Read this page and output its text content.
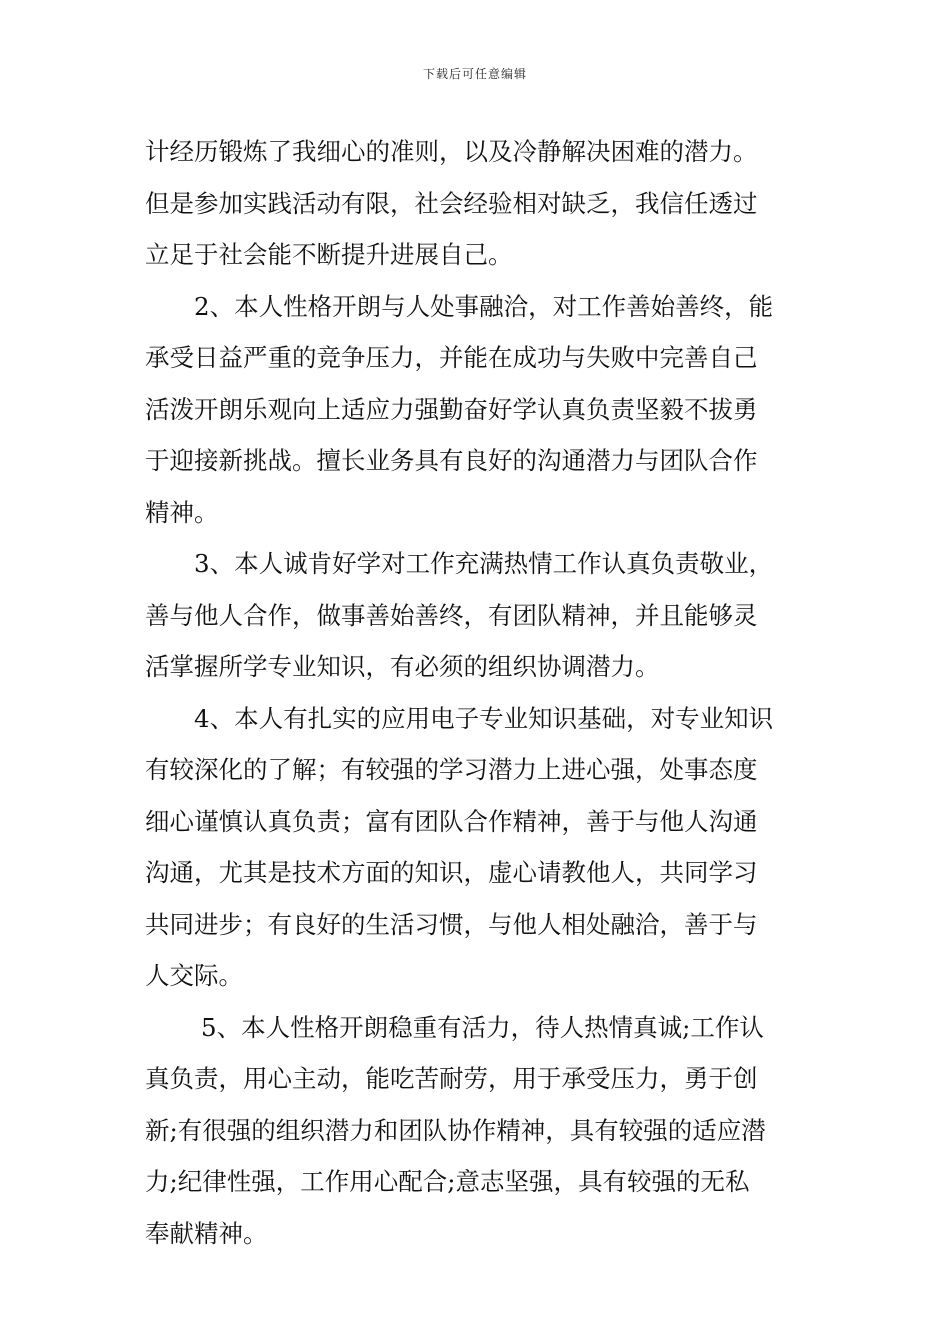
下载后可任意编辑
计经历锻炼了我细心的准则，以及冷静解决困难的潜力。
但是参加实践活动有限，社会经验相对缺乏，我信任透过
立足于社会能不断提升进展自己。
2、本人性格开朗与人处事融洽，对工作善始善终，能
承受日益严重的竞争压力，并能在成功与失败中完善自己
活泼开朗乐观向上适应力强勤奋好学认真负责坚毅不拔勇
于迎接新挑战。擅长业务具有良好的沟通潜力与团队合作
精神。
3、本人诚肯好学对工作充满热情工作认真负责敬业，
善与他人合作，做事善始善终，有团队精神，并且能够灵
活掌握所学专业知识，有必须的组织协调潜力。
4、本人有扎实的应用电子专业知识基础，对专业知识
有较深化的了解；有较强的学习潜力上进心强，处事态度
细心谨慎认真负责；富有团队合作精神，善于与他人沟通
沟通，尤其是技术方面的知识，虚心请教他人，共同学习
共同进步；有良好的生活习惯，与他人相处融洽，善于与
人交际。
5、本人性格开朗稳重有活力，待人热情真诚;工作认
真负责，用心主动，能吃苦耐劳，用于承受压力，勇于创
新;有很强的组织潜力和团队协作精神，具有较强的适应潜
力;纪律性强，工作用心配合;意志坚强，具有较强的无私
奉献精神。
